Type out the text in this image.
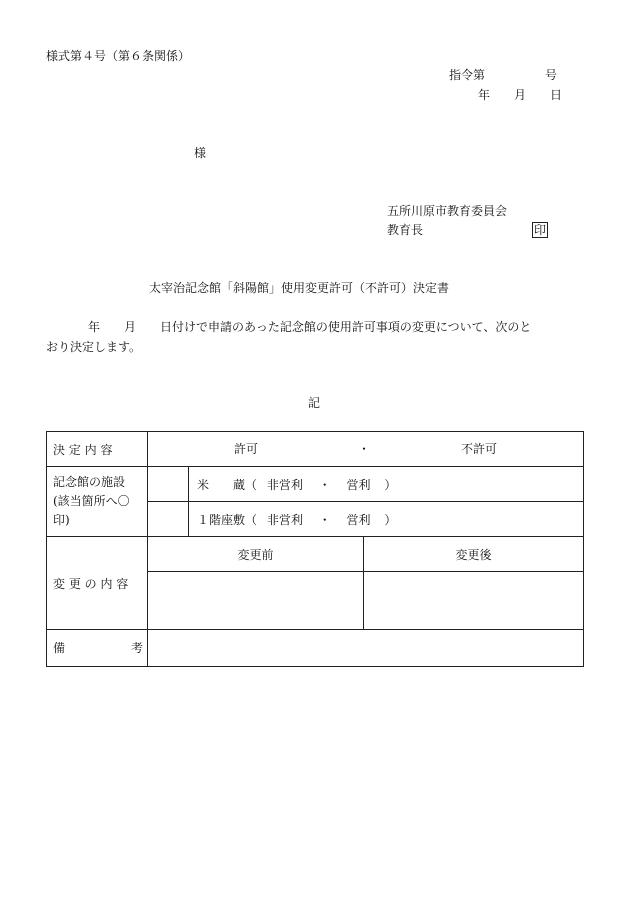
様式第４号（第６条関係）
指令第　　　　　号
年　　月　　日
様
五所川原市教育委員会
教育長	印
太宰治記念館「斜陽館」使用変更許可（不許可）決定書
年　　月　　日付けで申請のあった記念館の使用許可事項の変更について、次のと
おり決定します。
記
決 定 内 容	許可 ・ 不許可		

記念館の施設
(該当箇所へ〇
印)		米　　蔵（ 非営利 ・ 営利 ）	
		１階座敷（ 非営利 ・ 営利 ）	
変 更 の 内 容	変更前		変更後

備 考			
